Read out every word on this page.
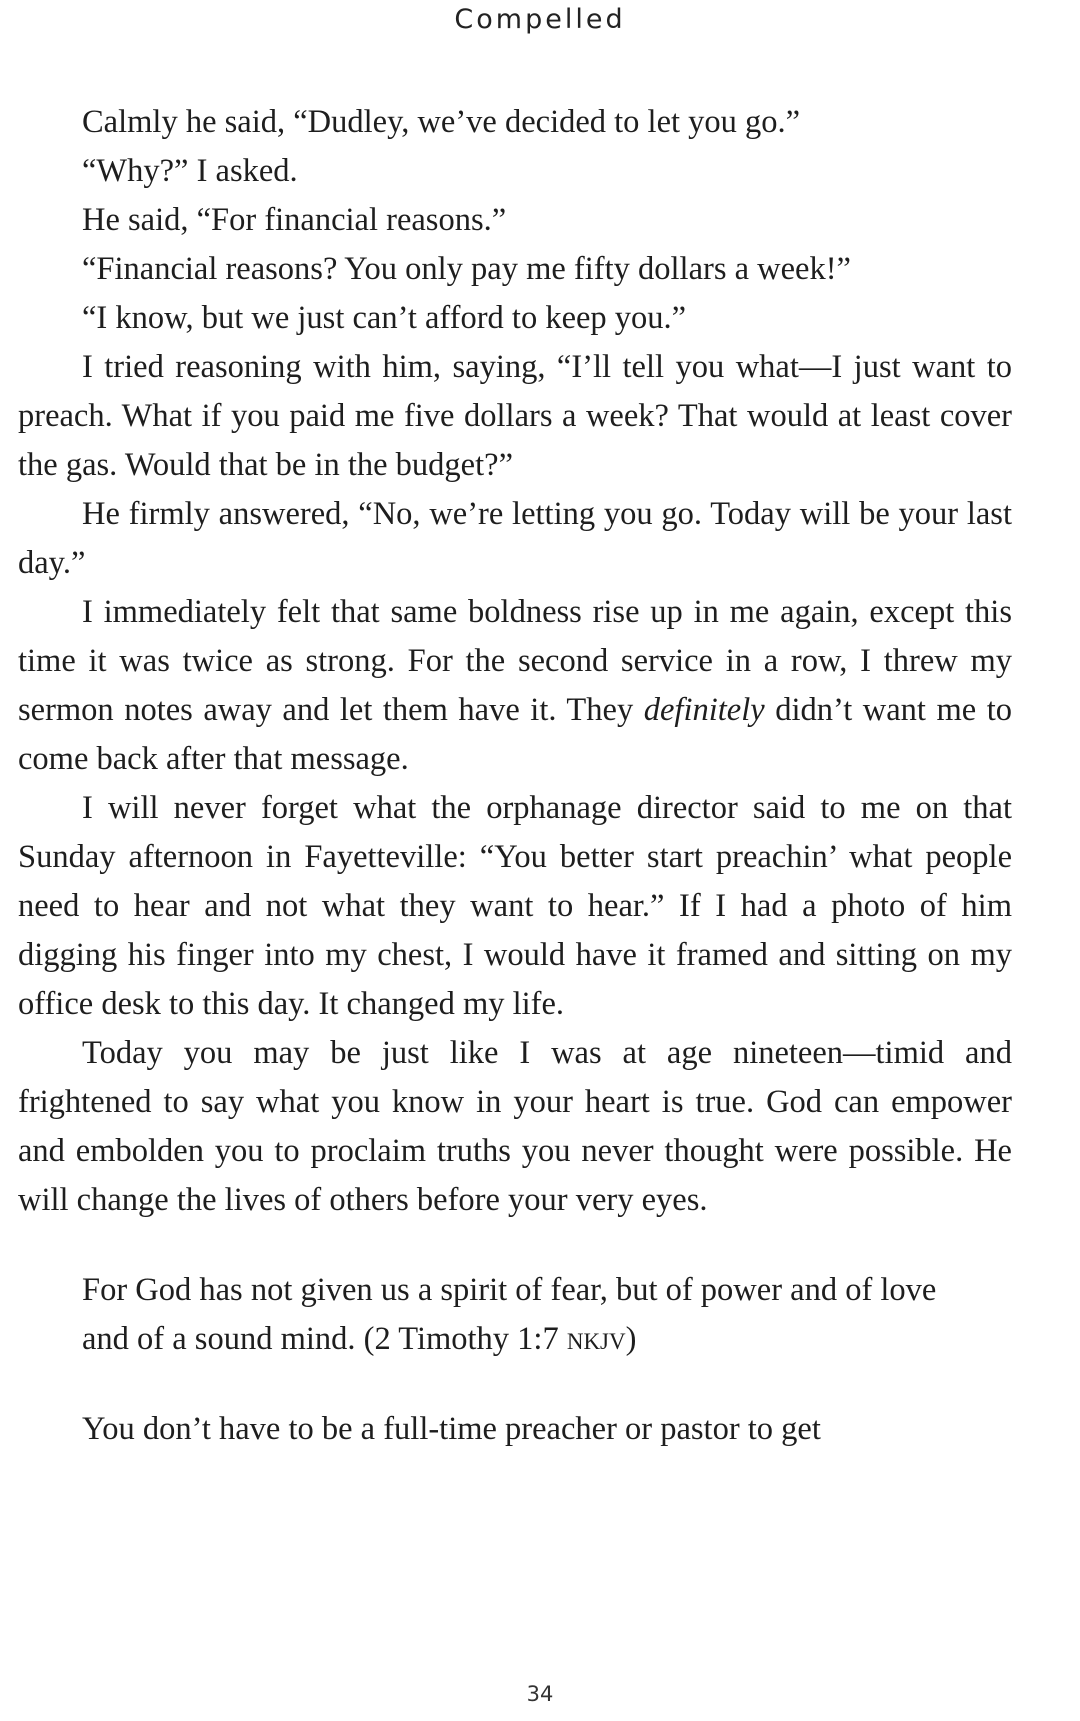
Compelled

Calmly he said, “Dudley, we’ve decided to let you go.”

“Why?” I asked.

He said, “For financial reasons.”

“Financial reasons? You only pay me fifty dollars a week!”

“I know, but we just can’t afford to keep you.”

I tried reasoning with him, saying, “I’ll tell you what—I just want to preach. What if you paid me five dollars a week? That would at least cover the gas. Would that be in the budget?”

He firmly answered, “No, we’re letting you go. Today will be your last day.”

I immediately felt that same boldness rise up in me again, except this time it was twice as strong. For the second service in a row, I threw my sermon notes away and let them have it. They definitely didn’t want me to come back after that message.

I will never forget what the orphanage director said to me on that Sunday afternoon in Fayetteville: “You better start preachin’ what people need to hear and not what they want to hear.” If I had a photo of him digging his finger into my chest, I would have it framed and sitting on my office desk to this day. It changed my life.

Today you may be just like I was at age nineteen—timid and frightened to say what you know in your heart is true. God can empower and embolden you to proclaim truths you never thought were possible. He will change the lives of others before your very eyes.

For God has not given us a spirit of fear, but of power and of love and of a sound mind. (2 Timothy 1:7 nkjv)

You don’t have to be a full-time preacher or pastor to get

34
